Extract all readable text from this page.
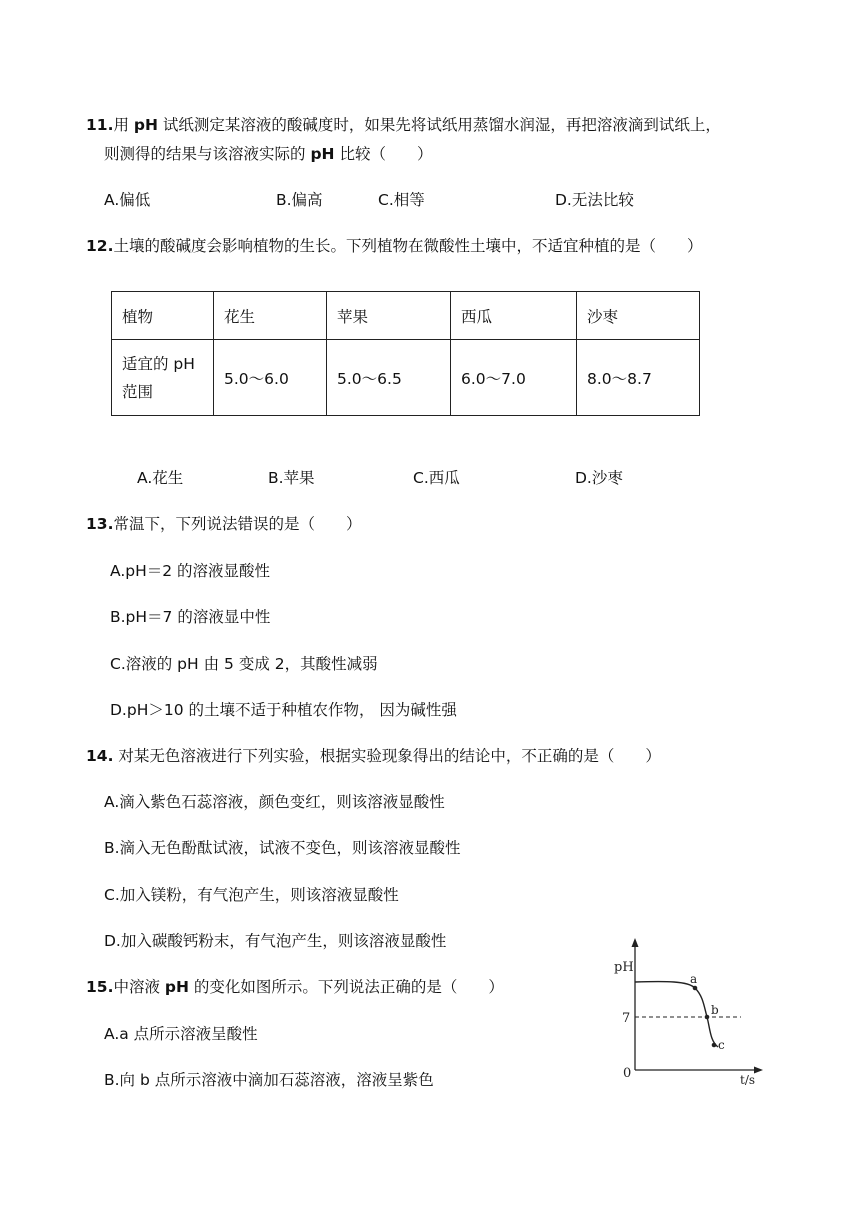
11.用 pH 试纸测定某溶液的酸碱度时，如果先将试纸用蒸馏水润湿，再把溶液滴到试纸上，
则测得的结果与该溶液实际的 pH 比较（　　）
A.偏低	B.偏高	C.相等	D.无法比较
12.土壤的酸碱度会影响植物的生长。下列植物在微酸性土壤中，不适宜种植的是（　　）
植物	花生	苹果	西瓜	沙枣

适宜的 pH
范围	5.0～6.0	5.0～6.5	6.0～7.0	8.0～8.7
A.花生	B.苹果	C.西瓜	D.沙枣
13.常温下，下列说法错误的是（　　）
A.pH＝2 的溶液显酸性
B.pH＝7 的溶液显中性
C.溶液的 pH 由 5 变成 2，其酸性减弱
D.pH＞10 的土壤不适于种植农作物， 因为碱性强
14. 对某无色溶液进行下列实验，根据实验现象得出的结论中，不正确的是（　　）
A.滴入紫色石蕊溶液，颜色变红，则该溶液显酸性
B.滴入无色酚酞试液，试液不变色，则该溶液显酸性
C.加入镁粉，有气泡产生，则该溶液显酸性
D.加入碳酸钙粉末，有气泡产生，则该溶液显酸性
15.中溶液 pH 的变化如图所示。下列说法正确的是（　　）
A.a 点所示溶液呈酸性
B.向 b 点所示溶液中滴加石蕊溶液，溶液呈紫色
pH
7
0	t/s
a
b
c
